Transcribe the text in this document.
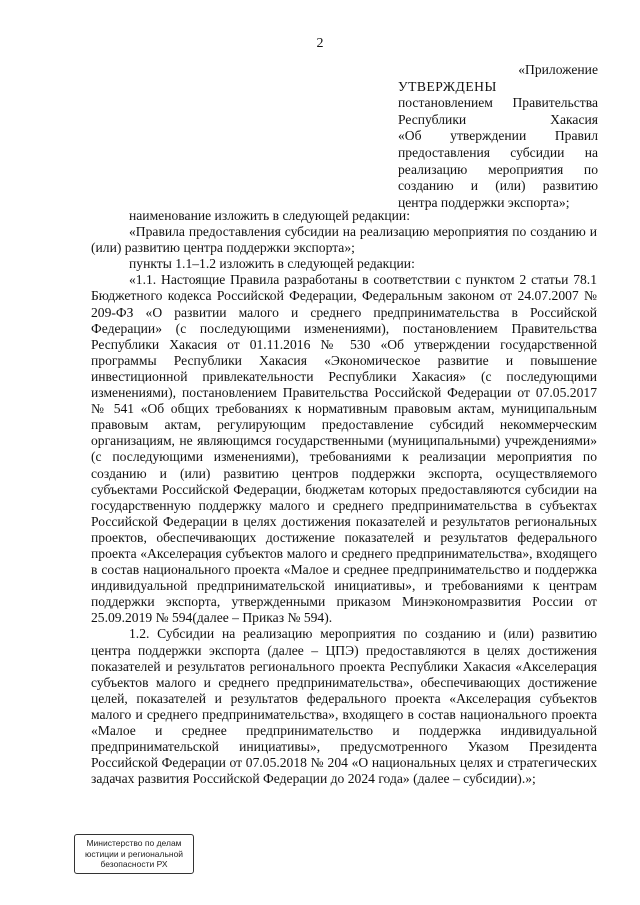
2
«Приложение
УТВЕРЖДЕНЫ
постановлением Правительства
Республики Хакасия
«Об утверждении Правил
предоставления субсидии на
реализацию мероприятия по
созданию и (или) развитию
центра поддержки экспорта»;

наименование изложить в следующей редакции:

«Правила предоставления субсидии на реализацию мероприятия по созданию и (или) развитию центра поддержки экспорта»;

пункты 1.1–1.2 изложить в следующей редакции:

«1.1. Настоящие Правила разработаны в соответствии с пунктом 2 статьи 78.1 Бюджетного кодекса Российской Федерации, Федеральным законом от 24.07.2007 № 209-ФЗ «О развитии малого и среднего предпринимательства в Российской Федерации» (с последующими изменениями), постановлением Правительства Республики Хакасия от 01.11.2016 № 530 «Об утверждении государственной программы Республики Хакасия «Экономическое развитие и повышение инвестиционной привлекательности Республики Хакасия» (с последующими изменениями), постановлением Правительства Российской Федерации от 07.05.2017 № 541 «Об общих требованиях к нормативным правовым актам, муниципальным правовым актам, регулирующим предоставление субсидий некоммерческим организациям, не являющимся государственными (муниципальными) учреждениями» (с последующими изменениями), требованиями к реализации мероприятия по созданию и (или) развитию центров поддержки экспорта, осуществляемого субъектами Российской Федерации, бюджетам которых предоставляются субсидии на государственную поддержку малого и среднего предпринимательства в субъектах Российской Федерации в целях достижения показателей и результатов региональных проектов, обеспечивающих достижение показателей и результатов федерального проекта «Акселерация субъектов малого и среднего предпринимательства», входящего в состав национального проекта «Малое и среднее предпринимательство и поддержка индивидуальной предпринимательской инициативы», и требованиями к центрам поддержки экспорта, утвержденными приказом Минэкономразвития России от 25.09.2019 № 594(далее – Приказ № 594).

1.2. Субсидии на реализацию мероприятия по созданию и (или) развитию центра поддержки экспорта (далее – ЦПЭ) предоставляются в целях достижения показателей и результатов регионального проекта Республики Хакасия «Акселерация субъектов малого и среднего предпринимательства», обеспечивающих достижение целей, показателей и результатов федерального проекта «Акселерация субъектов малого и среднего предпринимательства», входящего в состав национального проекта «Малое и среднее предпринимательство и поддержка индивидуальной предпринимательской инициативы», предусмотренного Указом Президента Российской Федерации от 07.05.2018 № 204 «О национальных целях и стратегических задачах развития Российской Федерации до 2024 года» (далее – субсидии).»;

Министерство по делам
юстиции и региональной
безопасности РХ
